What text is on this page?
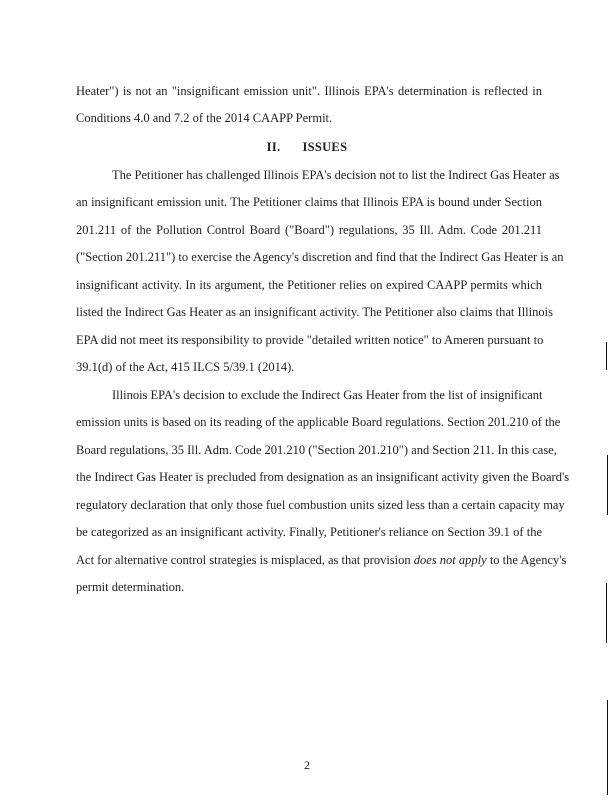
Heater") is not an "insignificant emission unit". Illinois EPA's determination is reflected in
Conditions 4.0 and 7.2 of the 2014 CAAPP Permit.
II. ISSUES
The Petitioner has challenged Illinois EPA's decision not to list the Indirect Gas Heater as
an insignificant emission unit. The Petitioner claims that Illinois EPA is bound under Section
201.211 of the Pollution Control Board ("Board") regulations, 35 Ill. Adm. Code 201.211
("Section 201.211") to exercise the Agency's discretion and find that the Indirect Gas Heater is an
insignificant activity. In its argument, the Petitioner relies on expired CAAPP permits which
listed the Indirect Gas Heater as an insignificant activity. The Petitioner also claims that Illinois
EPA did not meet its responsibility to provide "detailed written notice" to Ameren pursuant to
39.1(d) of the Act, 415 ILCS 5/39.1 (2014).
Illinois EPA's decision to exclude the Indirect Gas Heater from the list of insignificant
emission units is based on its reading of the applicable Board regulations. Section 201.210 of the
Board regulations, 35 Ill. Adm. Code 201.210 ("Section 201.210") and Section 211. In this case,
the Indirect Gas Heater is precluded from designation as an insignificant activity given the Board's
regulatory declaration that only those fuel combustion units sized less than a certain capacity may
be categorized as an insignificant activity. Finally, Petitioner's reliance on Section 39.1 of the
Act for alternative control strategies is misplaced, as that provision does not apply to the Agency's
permit determination.
2
